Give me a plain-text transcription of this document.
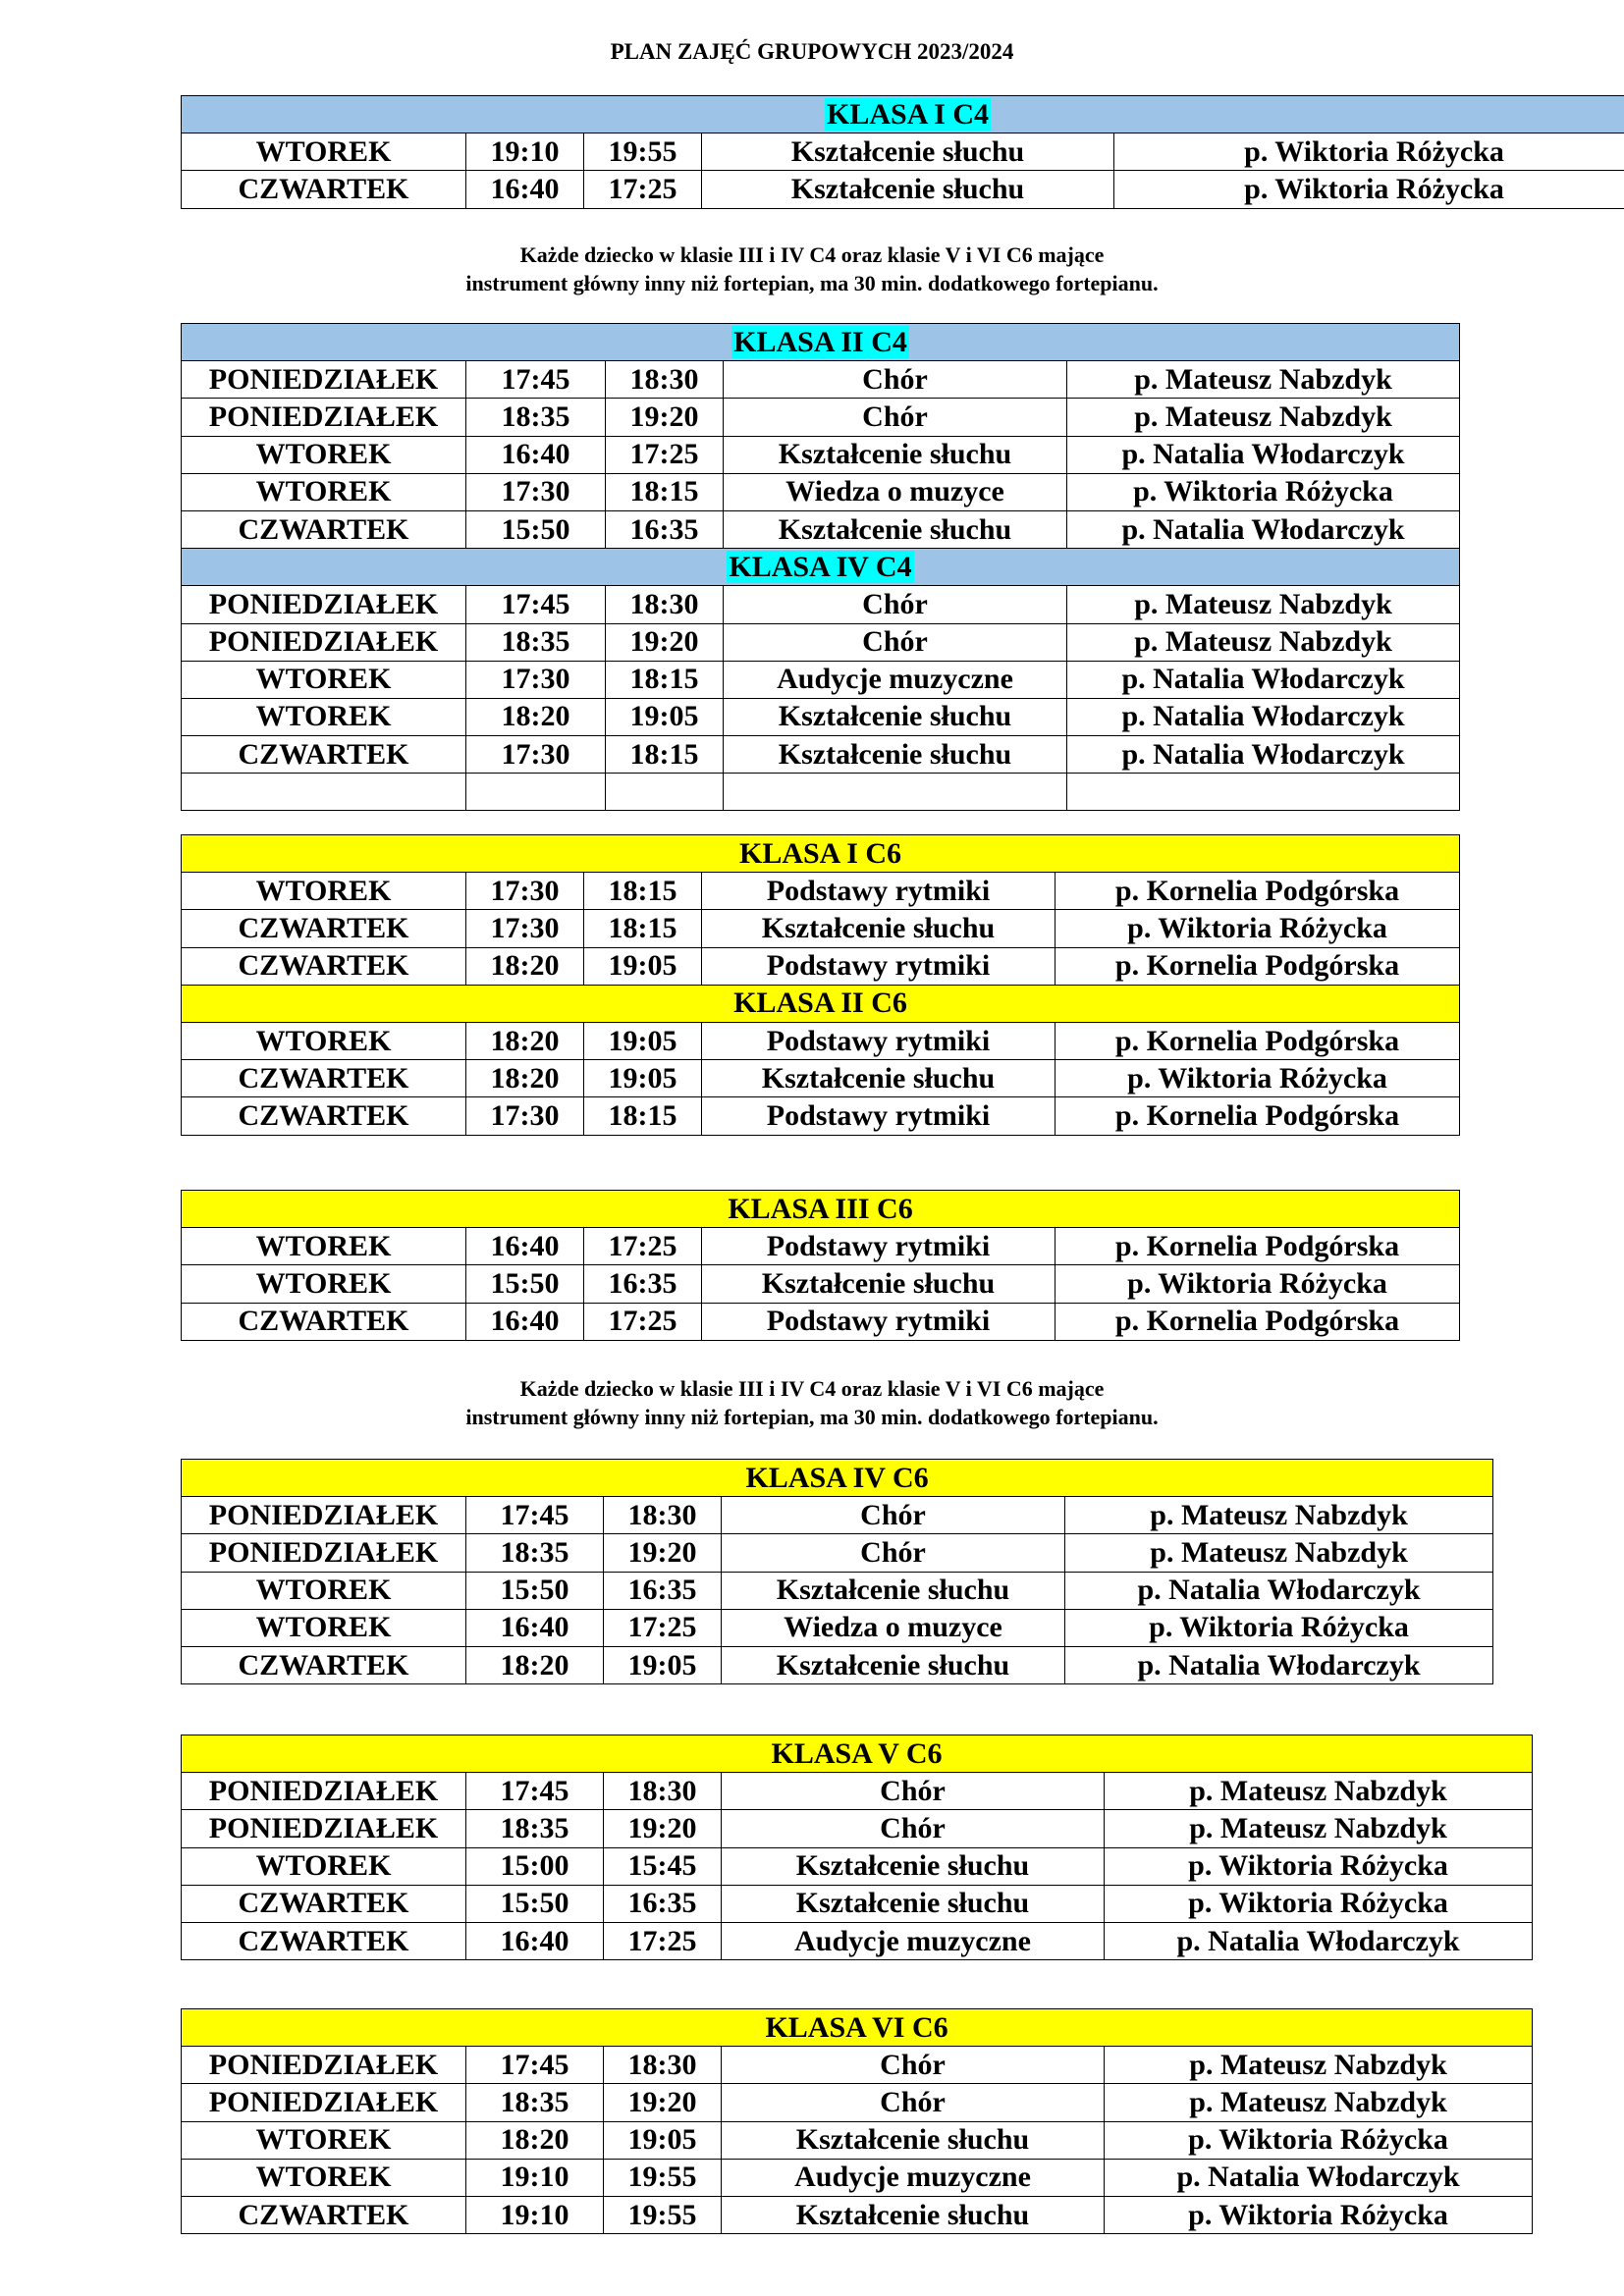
PLAN ZAJĘĆ GRUPOWYCH 2023/2024
Każde dziecko w klasie III i IV C4 oraz klasie V i VI C6 mające
instrument główny inny niż fortepian, ma 30 min. dodatkowego fortepianu.
Każde dziecko w klasie III i IV C4 oraz klasie V i VI C6 mające
instrument główny inny niż fortepian, ma 30 min. dodatkowego fortepianu.
KLASA I C4				
WTOREK	19:10	19:55	Kształcenie słuchu	p. Wiktoria Różycka
CZWARTEK	16:40	17:25	Kształcenie słuchu	p. Wiktoria Różycka
KLASA II C4				
PONIEDZIAŁEK	17:45	18:30	Chór	p. Mateusz Nabzdyk
PONIEDZIAŁEK	18:35	19:20	Chór	p. Mateusz Nabzdyk
WTOREK	16:40	17:25	Kształcenie słuchu	p. Natalia Włodarczyk
WTOREK	17:30	18:15	Wiedza o muzyce	p. Wiktoria Różycka
CZWARTEK	15:50	16:35	Kształcenie słuchu	p. Natalia Włodarczyk
KLASA IV C4				
PONIEDZIAŁEK	17:45	18:30	Chór	p. Mateusz Nabzdyk
PONIEDZIAŁEK	18:35	19:20	Chór	p. Mateusz Nabzdyk
WTOREK	17:30	18:15	Audycje muzyczne	p. Natalia Włodarczyk
WTOREK	18:20	19:05	Kształcenie słuchu	p. Natalia Włodarczyk
CZWARTEK	17:30	18:15	Kształcenie słuchu	p. Natalia Włodarczyk

KLASA I C6				
WTOREK	17:30	18:15	Podstawy rytmiki	p. Kornelia Podgórska
CZWARTEK	17:30	18:15	Kształcenie słuchu	p. Wiktoria Różycka
CZWARTEK	18:20	19:05	Podstawy rytmiki	p. Kornelia Podgórska
KLASA II C6				
WTOREK	18:20	19:05	Podstawy rytmiki	p. Kornelia Podgórska
CZWARTEK	18:20	19:05	Kształcenie słuchu	p. Wiktoria Różycka
CZWARTEK	17:30	18:15	Podstawy rytmiki	p. Kornelia Podgórska
KLASA III C6				
WTOREK	16:40	17:25	Podstawy rytmiki	p. Kornelia Podgórska
WTOREK	15:50	16:35	Kształcenie słuchu	p. Wiktoria Różycka
CZWARTEK	16:40	17:25	Podstawy rytmiki	p. Kornelia Podgórska
KLASA IV C6				
PONIEDZIAŁEK	17:45	18:30	Chór	p. Mateusz Nabzdyk
PONIEDZIAŁEK	18:35	19:20	Chór	p. Mateusz Nabzdyk
WTOREK	15:50	16:35	Kształcenie słuchu	p. Natalia Włodarczyk
WTOREK	16:40	17:25	Wiedza o muzyce	p. Wiktoria Różycka
CZWARTEK	18:20	19:05	Kształcenie słuchu	p. Natalia Włodarczyk
KLASA V C6				
PONIEDZIAŁEK	17:45	18:30	Chór	p. Mateusz Nabzdyk
PONIEDZIAŁEK	18:35	19:20	Chór	p. Mateusz Nabzdyk
WTOREK	15:00	15:45	Kształcenie słuchu	p. Wiktoria Różycka
CZWARTEK	15:50	16:35	Kształcenie słuchu	p. Wiktoria Różycka
CZWARTEK	16:40	17:25	Audycje muzyczne	p. Natalia Włodarczyk
KLASA VI C6				
PONIEDZIAŁEK	17:45	18:30	Chór	p. Mateusz Nabzdyk
PONIEDZIAŁEK	18:35	19:20	Chór	p. Mateusz Nabzdyk
WTOREK	18:20	19:05	Kształcenie słuchu	p. Wiktoria Różycka
WTOREK	19:10	19:55	Audycje muzyczne	p. Natalia Włodarczyk
CZWARTEK	19:10	19:55	Kształcenie słuchu	p. Wiktoria Różycka
